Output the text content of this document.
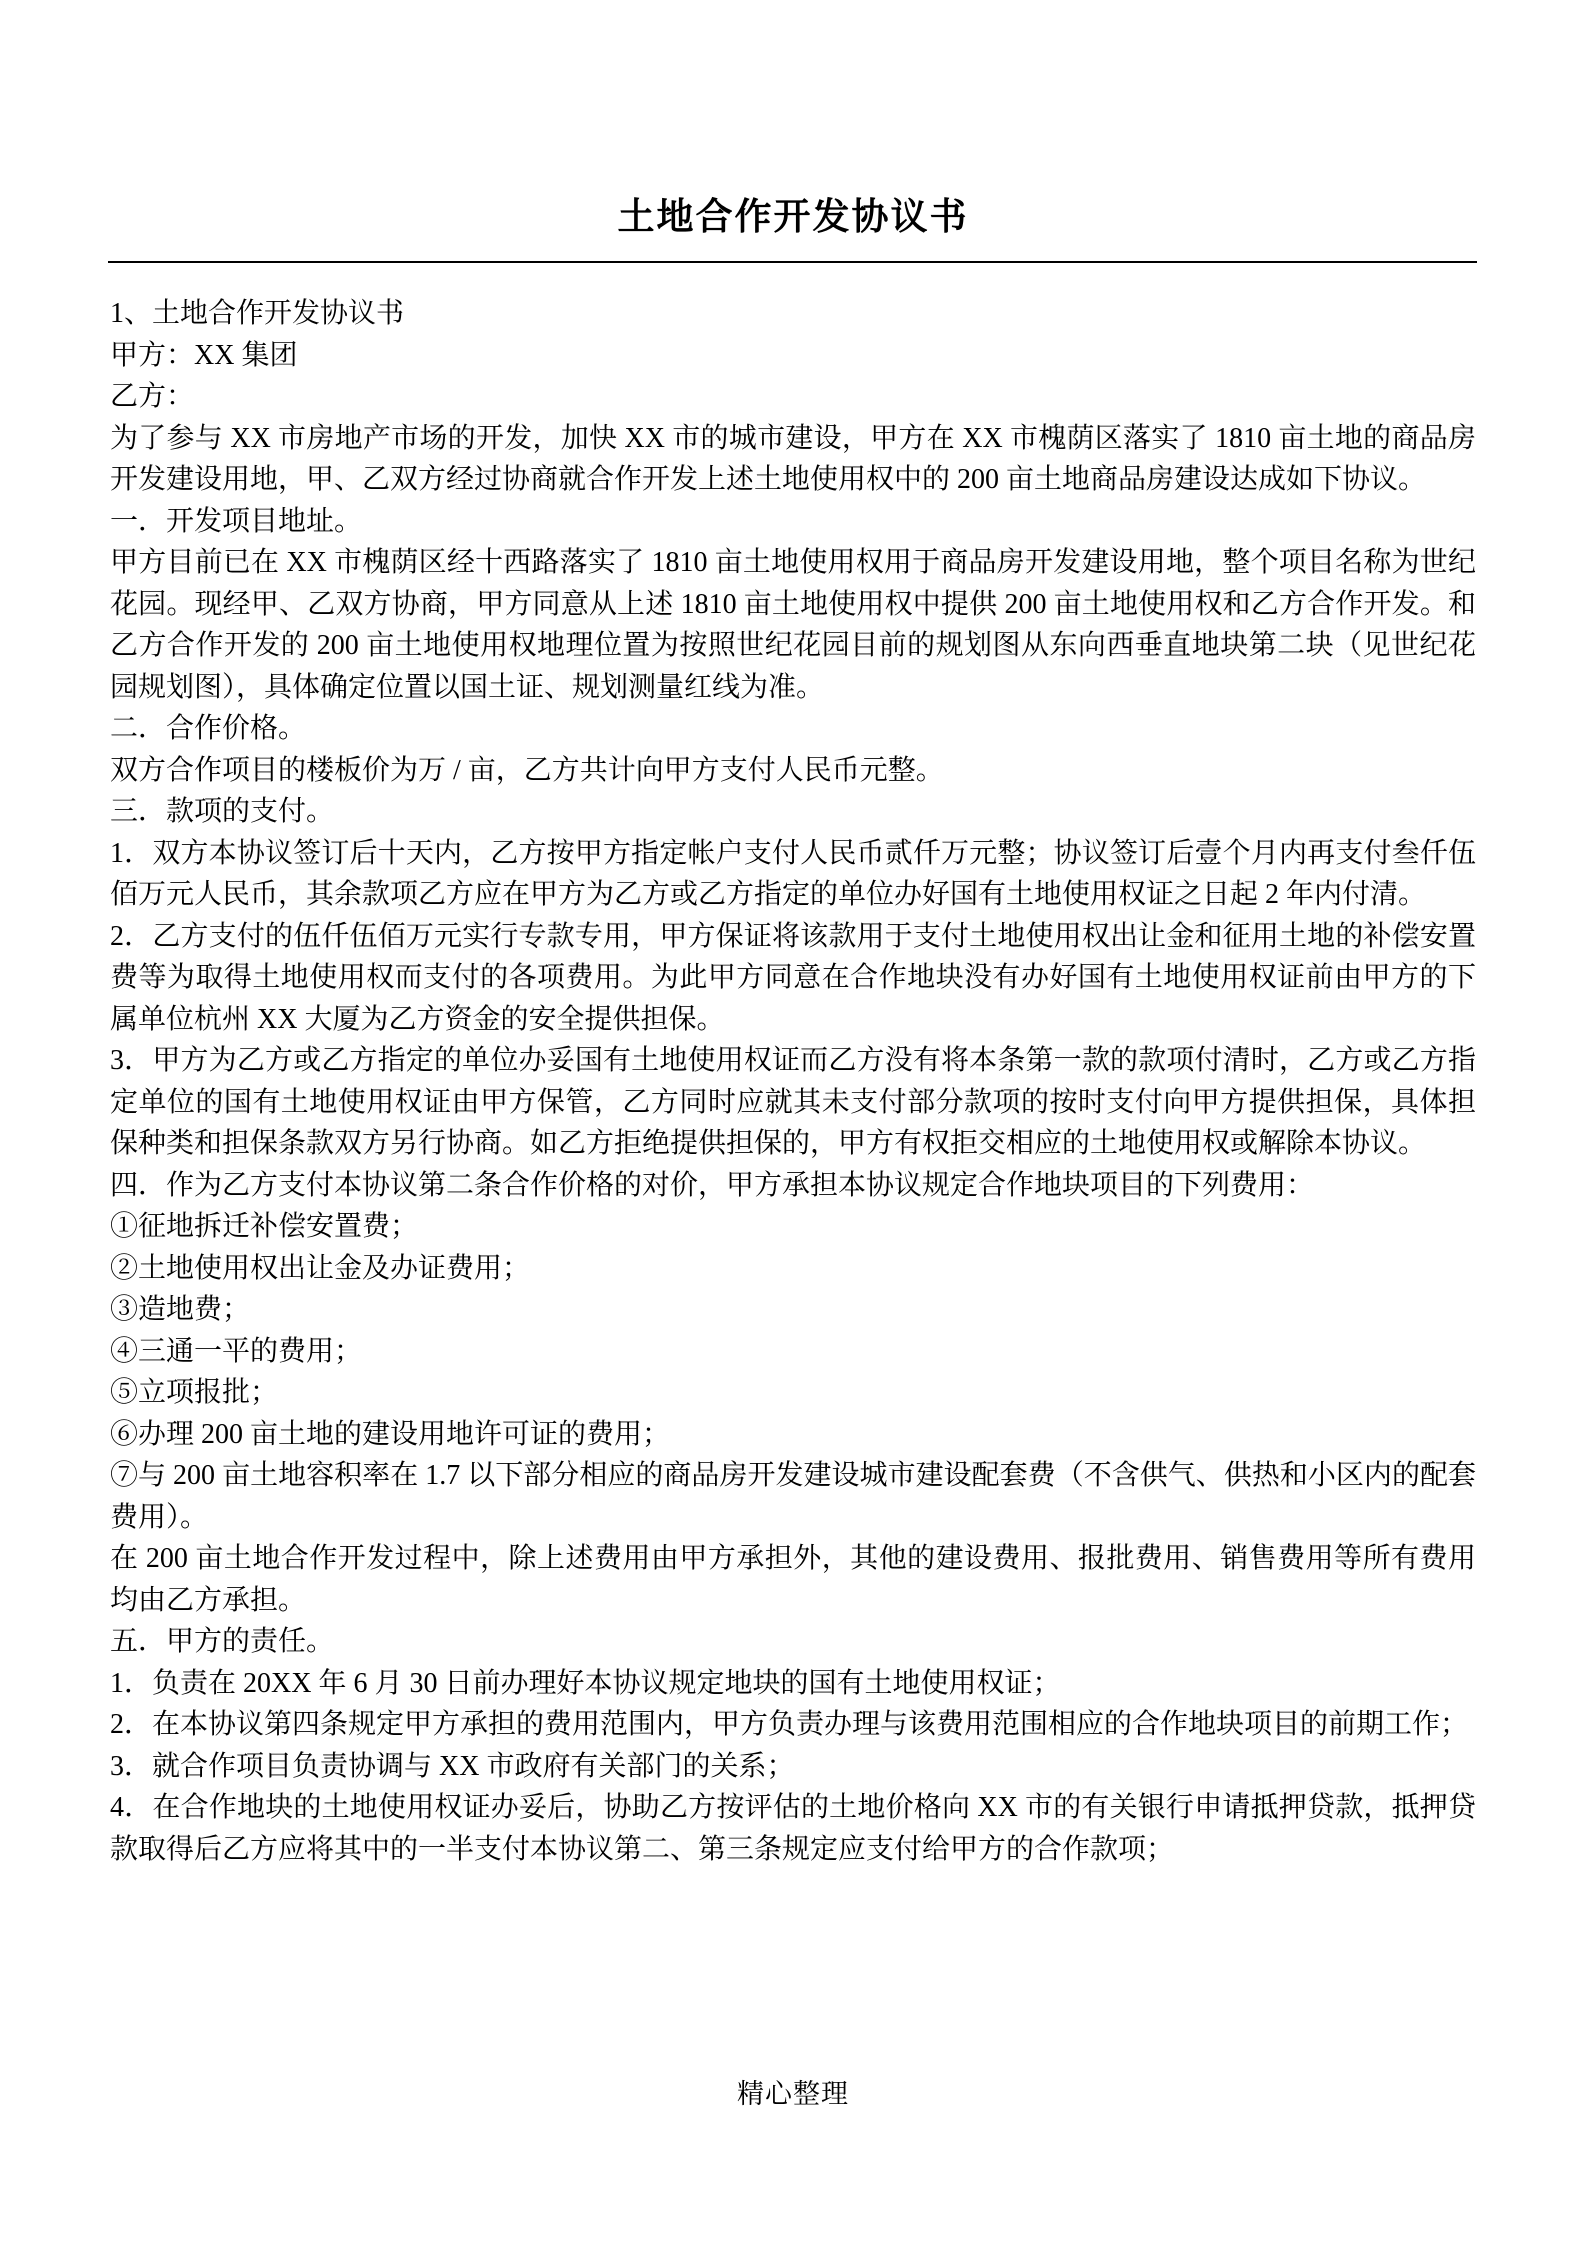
土地合作开发协议书

1、土地合作开发协议书

甲方：XX 集团

乙方：

为了参与 XX 市房地产市场的开发，加快 XX 市的城市建设，甲方在 XX 市槐荫区落实了 1810 亩土地的商品房开发建设用地，甲、乙双方经过协商就合作开发上述土地使用权中的 200 亩土地商品房建设达成如下协议。

一．开发项目地址。

甲方目前已在 XX 市槐荫区经十西路落实了 1810 亩土地使用权用于商品房开发建设用地，整个项目名称为世纪花园。现经甲、乙双方协商，甲方同意从上述 1810 亩土地使用权中提供 200 亩土地使用权和乙方合作开发。和乙方合作开发的 200 亩土地使用权地理位置为按照世纪花园目前的规划图从东向西垂直地块第二块（见世纪花园规划图），具体确定位置以国土证、规划测量红线为准。

二．合作价格。

双方合作项目的楼板价为万 / 亩，乙方共计向甲方支付人民币元整。

三．款项的支付。

1．双方本协议签订后十天内，乙方按甲方指定帐户支付人民币贰仟万元整；协议签订后壹个月内再支付叁仟伍佰万元人民币，其余款项乙方应在甲方为乙方或乙方指定的单位办好国有土地使用权证之日起 2 年内付清。

2．乙方支付的伍仟伍佰万元实行专款专用，甲方保证将该款用于支付土地使用权出让金和征用土地的补偿安置费等为取得土地使用权而支付的各项费用。为此甲方同意在合作地块没有办好国有土地使用权证前由甲方的下属单位杭州 XX 大厦为乙方资金的安全提供担保。

3．甲方为乙方或乙方指定的单位办妥国有土地使用权证而乙方没有将本条第一款的款项付清时，乙方或乙方指定单位的国有土地使用权证由甲方保管，乙方同时应就其未支付部分款项的按时支付向甲方提供担保，具体担保种类和担保条款双方另行协商。如乙方拒绝提供担保的，甲方有权拒交相应的土地使用权或解除本协议。

四．作为乙方支付本协议第二条合作价格的对价，甲方承担本协议规定合作地块项目的下列费用：

①征地拆迁补偿安置费；

②土地使用权出让金及办证费用；

③造地费；

④三通一平的费用；

⑤立项报批；

⑥办理 200 亩土地的建设用地许可证的费用；

⑦与 200 亩土地容积率在 1.7 以下部分相应的商品房开发建设城市建设配套费（不含供气、供热和小区内的配套费用）。

在 200 亩土地合作开发过程中，除上述费用由甲方承担外，其他的建设费用、报批费用、销售费用等所有费用均由乙方承担。

五．甲方的责任。

1．负责在 20XX 年 6 月 30 日前办理好本协议规定地块的国有土地使用权证；

2．在本协议第四条规定甲方承担的费用范围内，甲方负责办理与该费用范围相应的合作地块项目的前期工作；

3．就合作项目负责协调与 XX 市政府有关部门的关系；

4．在合作地块的土地使用权证办妥后，协助乙方按评估的土地价格向 XX 市的有关银行申请抵押贷款，抵押贷款取得后乙方应将其中的一半支付本协议第二、第三条规定应支付给甲方的合作款项；

精心整理
